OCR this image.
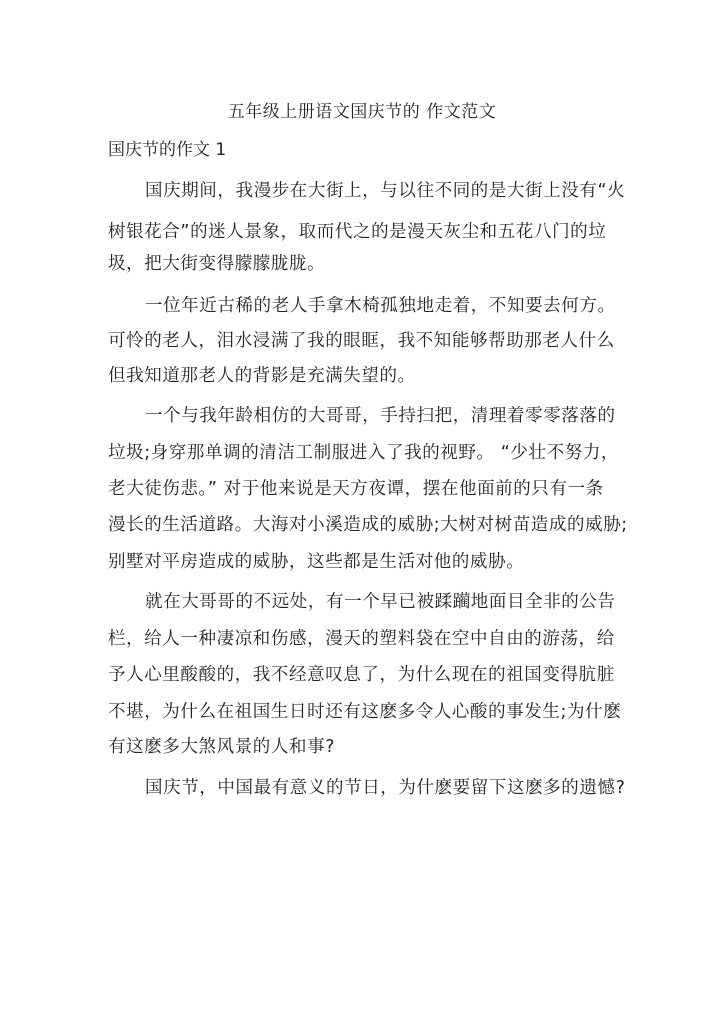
五年级上册语文国庆节的 作文范文
国庆节的作文 1
国庆期间，我漫步在大街上，与以往不同的是大街上没有“火
树银花合”的迷人景象，取而代之的是漫天灰尘和五花八门的垃
圾，把大街变得朦朦胧胧。
一位年近古稀的老人手拿木椅孤独地走着，不知要去何方。
可怜的老人，泪水浸满了我的眼眶，我不知能够帮助那老人什么
但我知道那老人的背影是充满失望的。
一个与我年龄相仿的大哥哥，手持扫把，清理着零零落落的
垃圾;身穿那单调的清洁工制服进入了我的视野。 “少壮不努力，
老大徒伤悲。” 对于他来说是天方夜谭，摆在他面前的只有一条
漫长的生活道路。大海对小溪造成的威胁;大树对树苗造成的威胁;
别墅对平房造成的威胁，这些都是生活对他的威胁。
就在大哥哥的不远处，有一个早已被蹂躏地面目全非的公告
栏，给人一种凄凉和伤感，漫天的塑料袋在空中自由的游荡，给
予人心里酸酸的，我不经意叹息了，为什么现在的祖国变得肮脏
不堪，为什么在祖国生日时还有这麽多令人心酸的事发生;为什麽
有这麽多大煞风景的人和事?
国庆节，中国最有意义的节日，为什麽要留下这麽多的遗憾?
